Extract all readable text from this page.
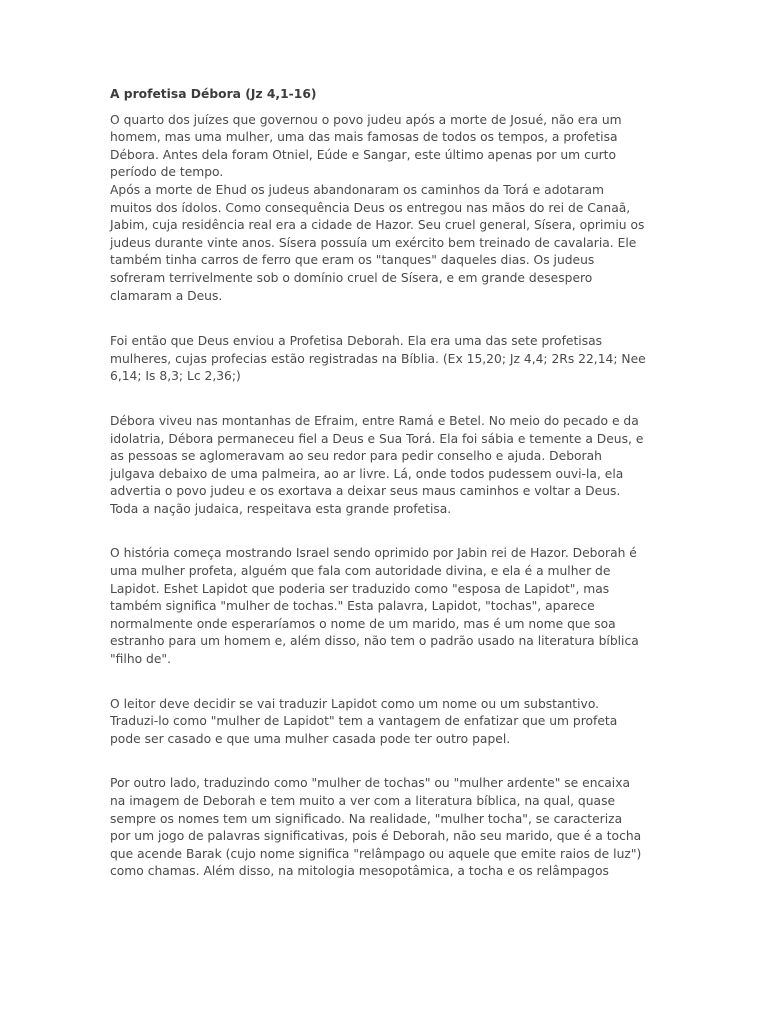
A profetisa Débora (Jz 4,1-16)
O quarto dos juízes que governou o povo judeu após a morte de Josué, não era um
homem, mas uma mulher, uma das mais famosas de todos os tempos, a profetisa
Débora. Antes dela foram Otniel, Eúde e Sangar, este último apenas por um curto
período de tempo.
Após a morte de Ehud os judeus abandonaram os caminhos da Torá e adotaram
muitos dos ídolos. Como consequência Deus os entregou nas mãos do rei de Canaã,
Jabim, cuja residência real era a cidade de Hazor. Seu cruel general, Sísera, oprimiu os
judeus durante vinte anos. Sísera possuía um exército bem treinado de cavalaria. Ele
também tinha carros de ferro que eram os "tanques" daqueles dias. Os judeus
sofreram terrivelmente sob o domínio cruel de Sísera, e em grande desespero
clamaram a Deus.
Foi então que Deus enviou a Profetisa Deborah. Ela era uma das sete profetisas
mulheres, cujas profecias estão registradas na Bíblia. (Ex 15,20; Jz 4,4; 2Rs 22,14; Nee
6,14; Is 8,3; Lc 2,36;)
Débora viveu nas montanhas de Efraim, entre Ramá e Betel. No meio do pecado e da
idolatria, Débora permaneceu fiel a Deus e Sua Torá. Ela foi sábia e temente a Deus, e
as pessoas se aglomeravam ao seu redor para pedir conselho e ajuda. Deborah
julgava debaixo de uma palmeira, ao ar livre. Lá, onde todos pudessem ouvi-la, ela
advertia o povo judeu e os exortava a deixar seus maus caminhos e voltar a Deus.
Toda a nação judaica, respeitava esta grande profetisa.
O história começa mostrando Israel sendo oprimido por Jabin rei de Hazor. Deborah é
uma mulher profeta, alguém que fala com autoridade divina, e ela é a mulher de
Lapidot. Eshet Lapidot que poderia ser traduzido como "esposa de Lapidot", mas
também significa "mulher de tochas." Esta palavra, Lapidot, "tochas", aparece
normalmente onde esperaríamos o nome de um marido, mas é um nome que soa
estranho para um homem e, além disso, não tem o padrão usado na literatura bíblica
"filho de".
O leitor deve decidir se vai traduzir Lapidot como um nome ou um substantivo.
Traduzi-lo como "mulher de Lapidot" tem a vantagem de enfatizar que um profeta
pode ser casado e que uma mulher casada pode ter outro papel.
Por outro lado, traduzindo como "mulher de tochas" ou "mulher ardente" se encaixa
na imagem de Deborah e tem muito a ver com a literatura bíblica, na qual, quase
sempre os nomes tem um significado. Na realidade, "mulher tocha", se caracteriza
por um jogo de palavras significativas, pois é Deborah, não seu marido, que é a tocha
que acende Barak (cujo nome significa "relâmpago ou aquele que emite raios de luz")
como chamas. Além disso, na mitologia mesopotâmica, a tocha e os relâmpagos
